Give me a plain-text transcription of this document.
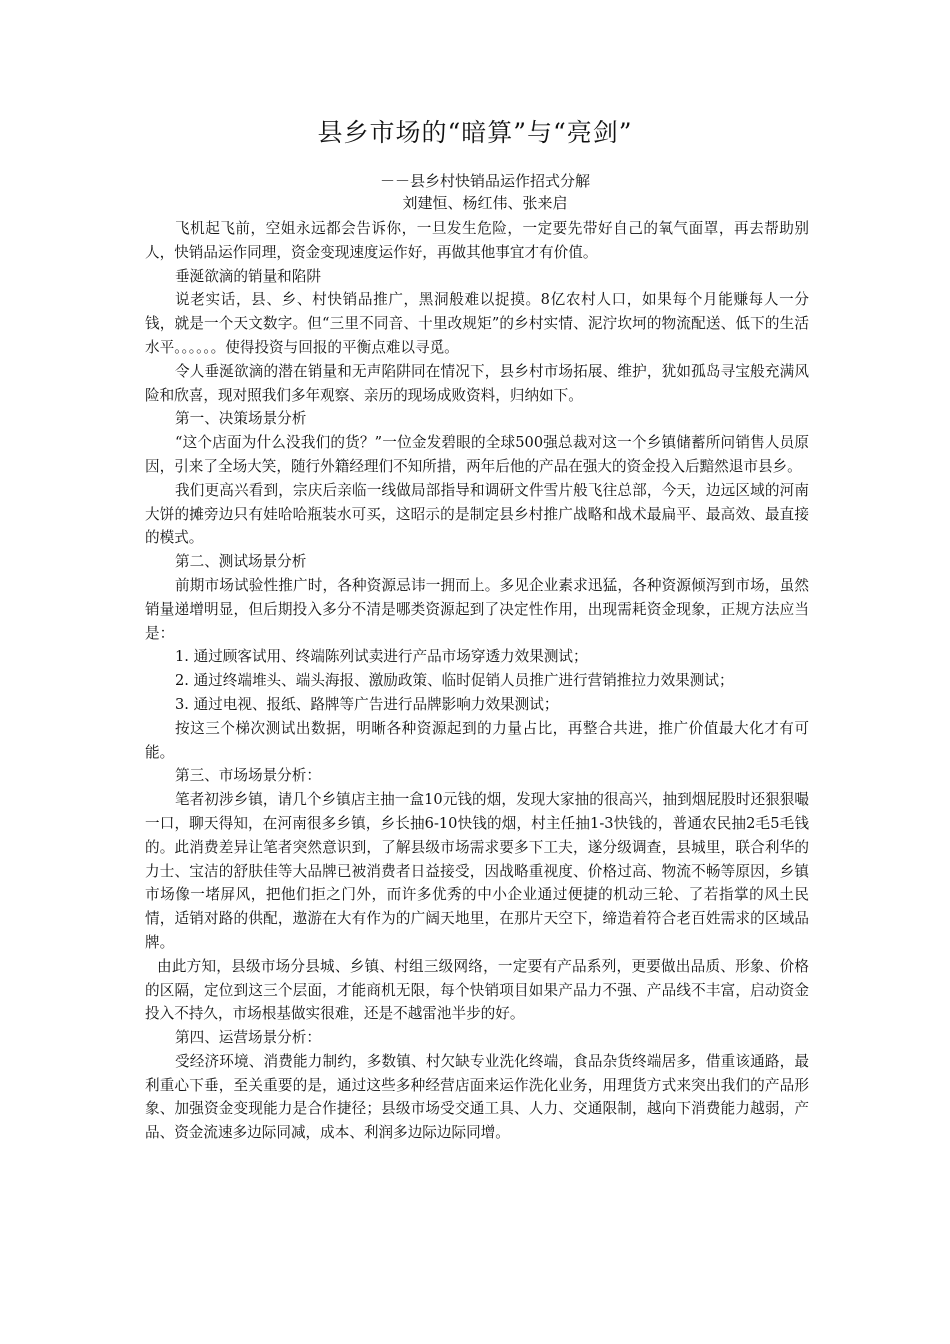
县乡市场的“暗算”与“亮剑”
－－县乡村快销品运作招式分解
刘建恒、杨红伟、张来启

飞机起飞前，空姐永远都会告诉你，一旦发生危险，一定要先带好自己的氧气面罩，再去帮助别人，快销品运作同理，资金变现速度运作好，再做其他事宜才有价值。

垂涎欲滴的销量和陷阱

说老实话，县、乡、村快销品推广，黑洞般难以捉摸。8亿农村人口，如果每个月能赚每人一分钱，就是一个天文数字。但“三里不同音、十里改规矩”的乡村实情、泥泞坎坷的物流配送、低下的生活水平。。。。。。使得投资与回报的平衡点难以寻觅。

令人垂涎欲滴的潜在销量和无声陷阱同在情况下，县乡村市场拓展、维护，犹如孤岛寻宝般充满风险和欣喜，现对照我们多年观察、亲历的现场成败资料，归纳如下。

第一、决策场景分析

“这个店面为什么没我们的货？”一位金发碧眼的全球500强总裁对这一个乡镇储蓄所问销售人员原因，引来了全场大笑，随行外籍经理们不知所措，两年后他的产品在强大的资金投入后黯然退市县乡。

我们更高兴看到，宗庆后亲临一线做局部指导和调研文件雪片般飞往总部，今天，边远区域的河南大饼的摊旁边只有娃哈哈瓶装水可买，这昭示的是制定县乡村推广战略和战术最扁平、最高效、最直接的模式。

第二、测试场景分析

前期市场试验性推广时，各种资源忌讳一拥而上。多见企业素求迅猛，各种资源倾泻到市场，虽然销量递增明显，但后期投入多分不清是哪类资源起到了决定性作用，出现需耗资金现象，正规方法应当是：

1. 通过顾客试用、终端陈列试卖进行产品市场穿透力效果测试；

2. 通过终端堆头、端头海报、激励政策、临时促销人员推广进行营销推拉力效果测试；

3. 通过电视、报纸、路牌等广告进行品牌影响力效果测试；

按这三个梯次测试出数据，明晰各种资源起到的力量占比，再整合共进，推广价值最大化才有可能。

第三、市场场景分析：

笔者初涉乡镇，请几个乡镇店主抽一盒10元钱的烟，发现大家抽的很高兴，抽到烟屁股时还狠狠嘬一口，聊天得知，在河南很多乡镇，乡长抽6-10快钱的烟，村主任抽1-3快钱的，普通农民抽2毛5毛钱的。此消费差异让笔者突然意识到，了解县级市场需求要多下工夫，遂分级调查，县城里，联合利华的力士、宝洁的舒肤佳等大品牌已被消费者日益接受，因战略重视度、价格过高、物流不畅等原因，乡镇市场像一堵屏风，把他们拒之门外，而许多优秀的中小企业通过便捷的机动三轮、了若指掌的风土民情，适销对路的供配，遨游在大有作为的广阔天地里，在那片天空下，缔造着符合老百姓需求的区域品牌。

由此方知，县级市场分县城、乡镇、村组三级网络，一定要有产品系列，更要做出品质、形象、价格的区隔，定位到这三个层面，才能商机无限，每个快销项目如果产品力不强、产品线不丰富，启动资金投入不持久，市场根基做实很难，还是不越雷池半步的好。

第四、运营场景分析：

受经济环境、消费能力制约，多数镇、村欠缺专业洗化终端，食品杂货终端居多，借重该通路，最利重心下垂，至关重要的是，通过这些多种经营店面来运作洗化业务，用理货方式来突出我们的产品形象、加强资金变现能力是合作捷径；县级市场受交通工具、人力、交通限制，越向下消费能力越弱，产品、资金流速多边际同减，成本、利润多边际边际同增。
